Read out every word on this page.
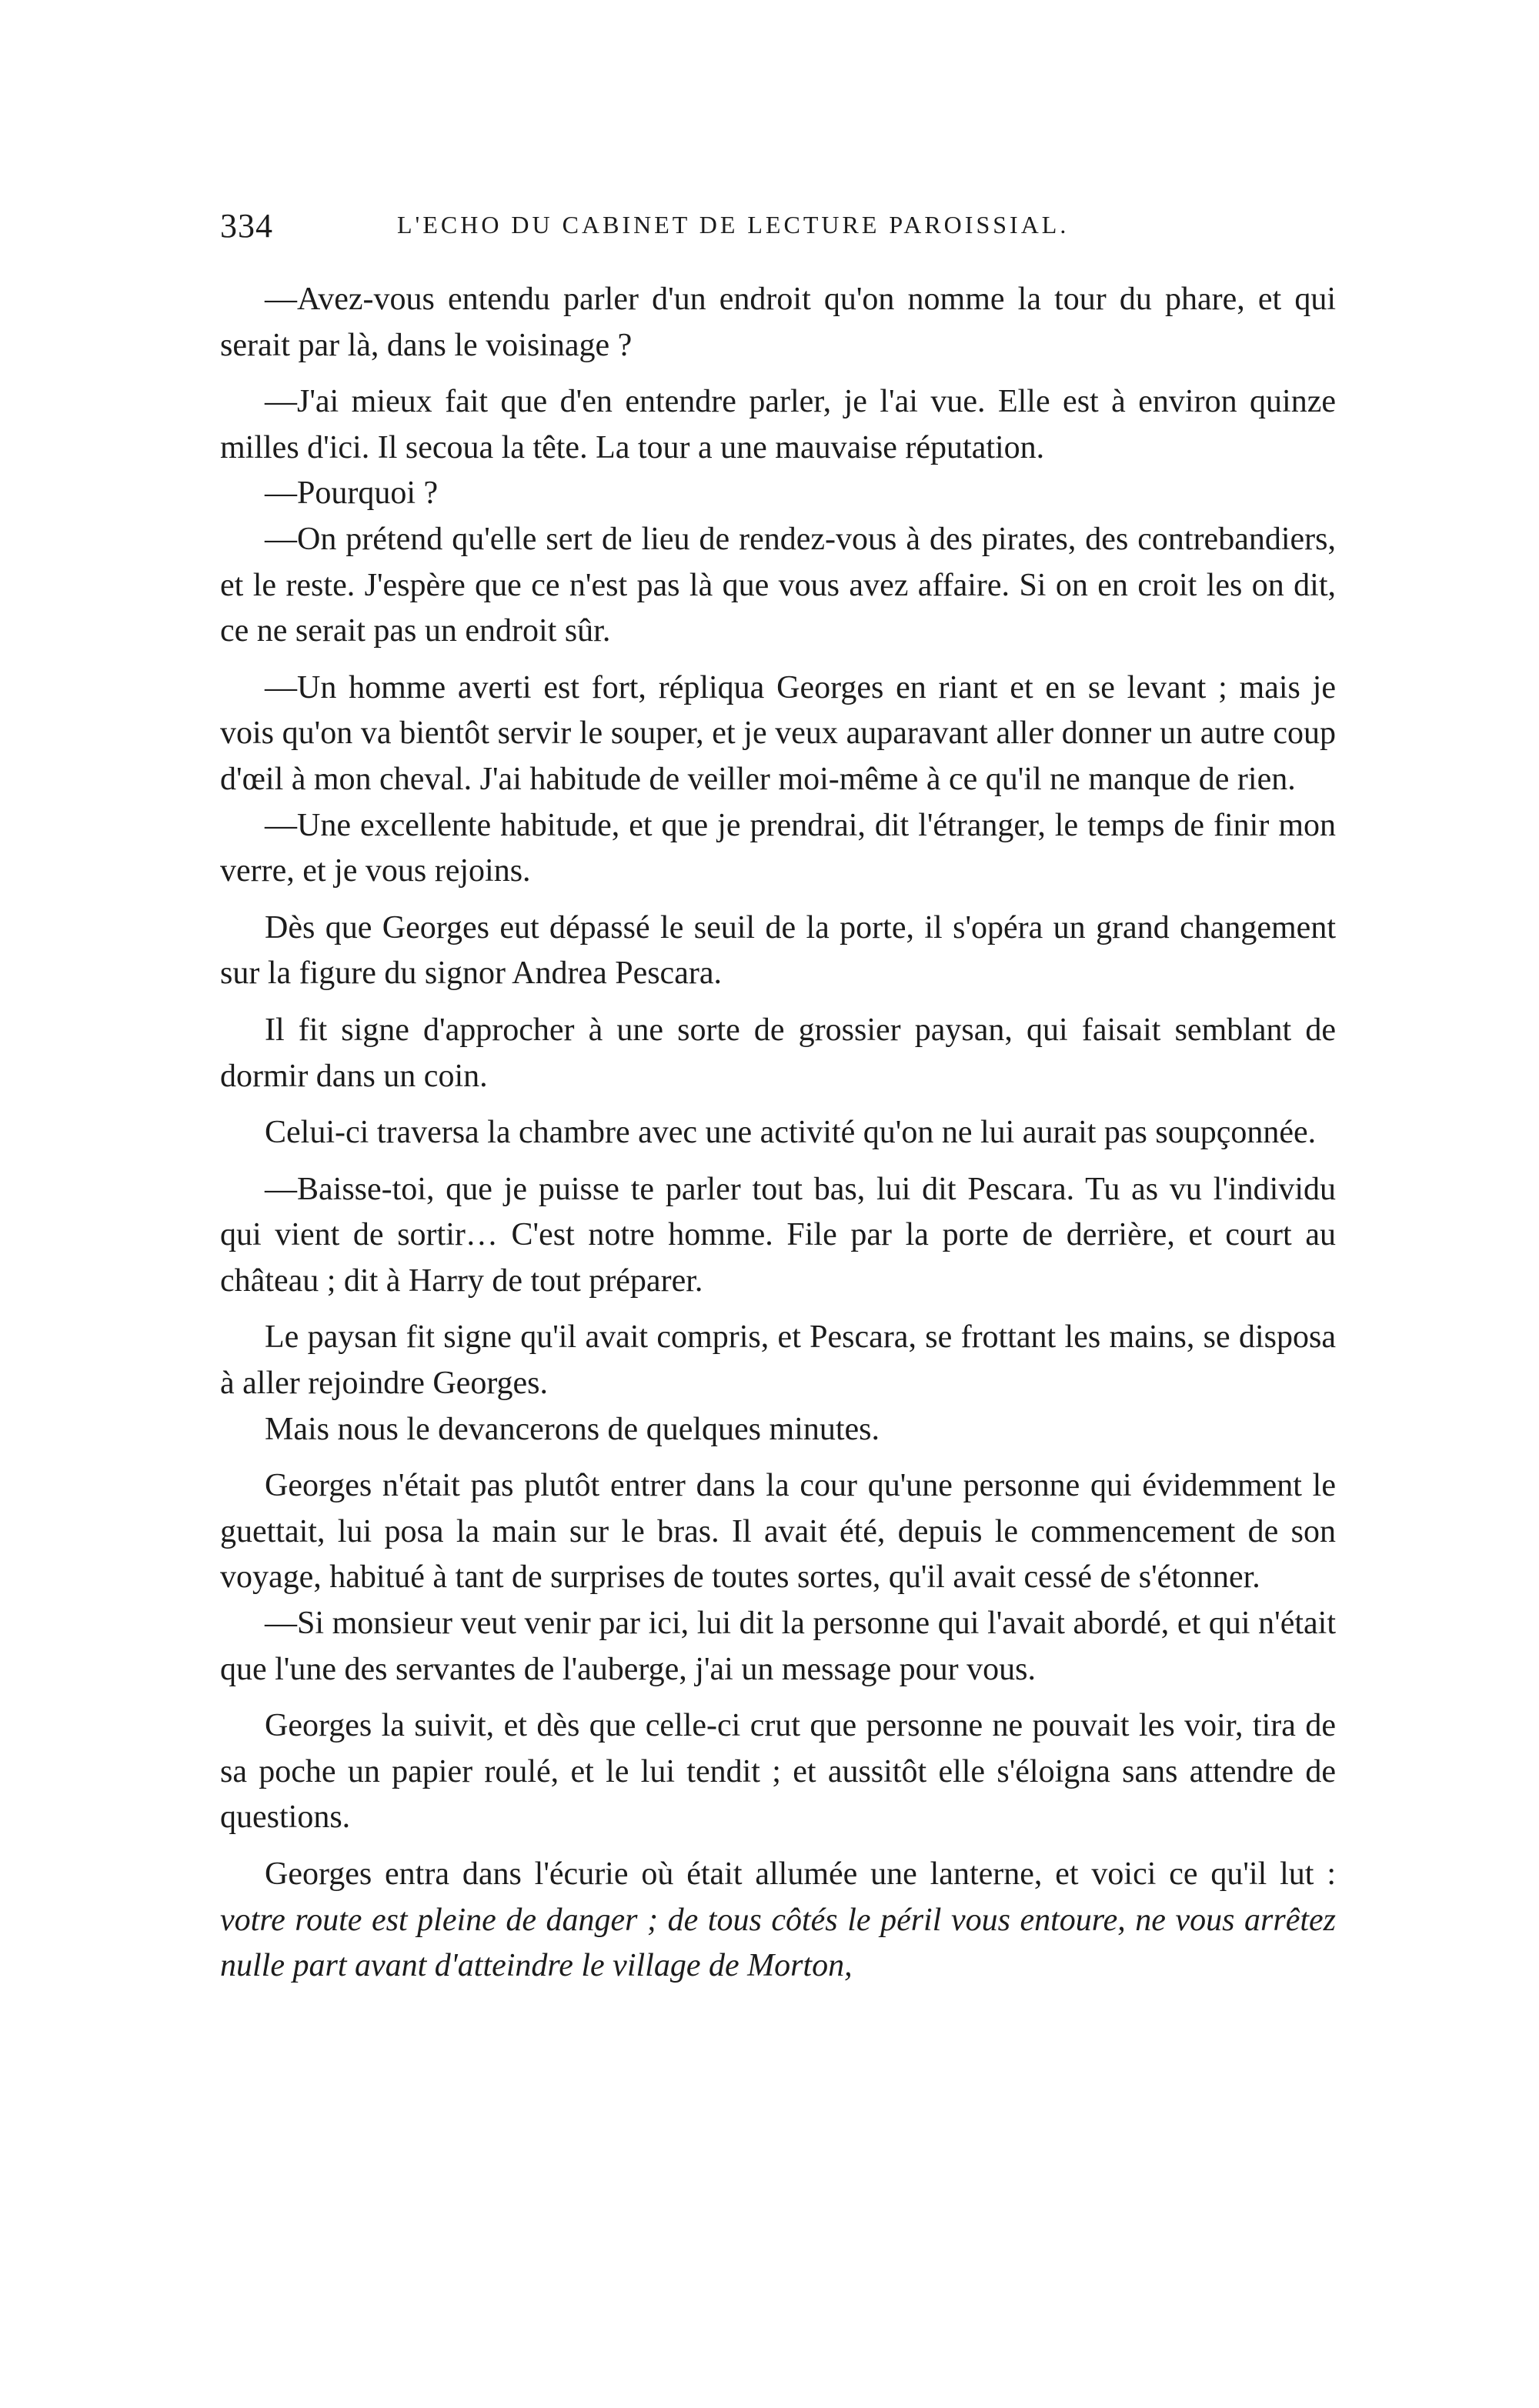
334	L'ECHO DU CABINET DE LECTURE PAROISSIAL.

—Avez-vous entendu parler d'un endroit qu'on nomme la tour du phare, et qui serait par là, dans le voisinage ?

—J'ai mieux fait que d'en entendre parler, je l'ai vue. Elle est à environ quinze milles d'ici. Il secoua la tête. La tour a une mauvaise réputation.

—Pourquoi ?

—On prétend qu'elle sert de lieu de rendez-vous à des pirates, des contrebandiers, et le reste. J'espère que ce n'est pas là que vous avez affaire. Si on en croit les on dit, ce ne serait pas un endroit sûr.

—Un homme averti est fort, répliqua Georges en riant et en se levant ; mais je vois qu'on va bientôt servir le souper, et je veux auparavant aller donner un autre coup d'œil à mon cheval. J'ai habitude de veiller moi-même à ce qu'il ne manque de rien.

—Une excellente habitude, et que je prendrai, dit l'étranger, le temps de finir mon verre, et je vous rejoins.

Dès que Georges eut dépassé le seuil de la porte, il s'opéra un grand changement sur la figure du signor Andrea Pescara.

Il fit signe d'approcher à une sorte de grossier paysan, qui faisait semblant de dormir dans un coin.

Celui-ci traversa la chambre avec une activité qu'on ne lui aurait pas soupçonnée.

—Baisse-toi, que je puisse te parler tout bas, lui dit Pescara. Tu as vu l'individu qui vient de sortir… C'est notre homme. File par la porte de derrière, et court au château ; dit à Harry de tout préparer.

Le paysan fit signe qu'il avait compris, et Pescara, se frottant les mains, se disposa à aller rejoindre Georges.

Mais nous le devancerons de quelques minutes.

Georges n'était pas plutôt entrer dans la cour qu'une personne qui évidemment le guettait, lui posa la main sur le bras. Il avait été, depuis le commencement de son voyage, habitué à tant de surprises de toutes sortes, qu'il avait cessé de s'étonner.

—Si monsieur veut venir par ici, lui dit la personne qui l'avait abordé, et qui n'était que l'une des servantes de l'auberge, j'ai un message pour vous.

Georges la suivit, et dès que celle-ci crut que personne ne pouvait les voir, tira de sa poche un papier roulé, et le lui tendit ; et aussitôt elle s'éloigna sans attendre de questions.

Georges entra dans l'écurie où était allumée une lanterne, et voici ce qu'il lut : votre route est pleine de danger ; de tous côtés le péril vous entoure, ne vous arrêtez nulle part avant d'atteindre le village de Morton,
